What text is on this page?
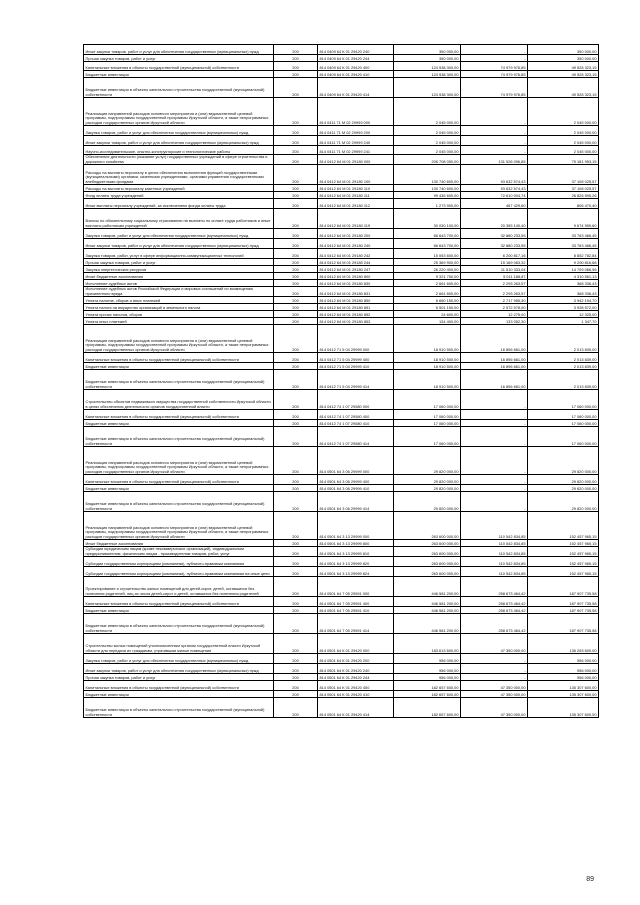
Иные закупки товаров, работ и услуг для обеспечения государственных (муниципальных) нужд	200	814 0409 64 К 01 29420 240	350 000,00	-	350 000,00
Прочая закупка товаров, работ и услуг	200	814 0409 64 К 01 29420 244	350 000,00	-	350 000,00
Капитальные вложения в объекты государственной (муниципальной) собственности	200	814 0409 64 К 01 29420 400	124 538 300,00	74 979 976,85	49 528 323,15
Бюджетные инвестиции	200	814 0409 64 К 01 29420 410	124 538 300,00	74 979 976,85	49 528 323,15
Бюджетные инвестиции в объекты капитального строительства государственной (муниципальной) собственности	200	814 0409 64 К 01 29420 414	124 538 300,00	74 979 976,85	49 528 323,15
Реализация направлений расходов основного мероприятия и (или) ведомственной целевой программы, подпрограммы государственной программы Иркутской области, а также непрограммных расходов государственных органов Иркутской области	200	814 0411 71 М 02 29999 000	2 045 000,00	-	2 045 000,00
Закупка товаров, работ и услуг для обеспечения государственных (муниципальных) нужд	200	814 0411 71 М 02 29999 200	2 045 000,00	-	2 045 000,00
Иные закупки товаров, работ и услуг для обеспечения государственных (муниципальных) нужд	200	814 0411 71 М 02 29999 240	2 045 000,00	-	2 045 000,00
Научно-исследовательские, опытно-конструкторские и технологические работы	200	814 0411 71 М 02 29999 241	2 045 000,00	-	2 045 000,00
Обеспечение деятельности (оказание услуг) государственных учреждений в сфере строительства и дорожного хозяйства	200	814 0412 64 М 01 29180 000	206 708 050,00	131 526 096,85	75 181 953,15
Расходы на выплаты персоналу в целях обеспечения выполнения функций государственными (муниципальными) органами, казенными учреждениями, органами управления государственными внебюджетными фондами	200	814 0412 64 М 01 29180 100	130 740 600,00	93 632 574,43	37 108 025,57
Расходы на выплаты персоналу казенных учреждений	200	814 0412 64 М 01 29180 110	130 740 600,00	93 632 574,43	37 108 025,57
Фонд оплаты труда учреждений	200	814 0412 64 М 01 29180 111	99 436 600,00	72 610 004,74	26 826 595,26
Иные выплаты персоналу учреждений, за исключением фонда оплаты труда	200	814 0412 64 М 01 29180 112	1 273 900,00	467 429,60	806 470,40
Взносы по обязательному социальному страхованию на выплаты по оплате труда работников и иные выплаты работникам учреждений	200	814 0412 64 М 01 29180 119	30 030 100,00	20 355 140,40	9 674 959,60
Закупка товаров, работ и услуг для обеспечения государственных (муниципальных) нужд	200	814 0412 64 М 01 29180 200	66 643 700,00	32 880 233,55	33 763 466,45
Иные закупки товаров, работ и услуг для обеспечения государственных (муниципальных) нужд	200	814 0412 64 М 01 29180 240	66 643 700,00	32 880 233,55	33 763 466,45
Закупка товаров, работ, услуг в сфере информационно-коммуникационных технологий	200	814 0412 64 М 01 29180 242	15 053 600,00	6 200 817,16	8 852 782,84
Прочая закупка товаров, работ и услуг	200	814 0412 64 М 01 29180 244	25 369 900,00	15 169 083,32	9 200 816,68
Закупка энергетических ресурсов	200	814 0412 64 М 01 29180 247	26 220 400,00	11 510 333,04	14 709 066,96
Иные бюджетные ассигнования	200	814 0412 64 М 01 29180 800	9 321 750,00	5 011 188,87	4 310 561,13
Исполнение судебных актов	200	814 0412 64 М 01 29180 830	2 661 600,00	2 293 263,57	368 336,43
Исполнение судебных актов Российской Федерации и мировых соглашений по возмещению причиненного вреда	200	814 0412 64 М 01 29180 831	2 661 600,00	2 293 263,57	368 336,43
Уплата налогов, сборов и иных платежей	200	814 0412 64 М 01 29180 850	6 660 150,00	2 717 955,30	3 942 194,70
Уплата налога на имущество организаций и земельного налога	200	814 0412 64 М 01 29180 851	6 501 150,00	2 572 578,00	3 928 572,00
Уплата прочих налогов, сборов	200	814 0412 64 М 01 29180 852	24 600,00	12 275,00	12 325,00
Уплата иных платежей	200	814 0412 64 М 01 29180 853	134 400,00	133 052,30	1 347,70
Реализация направлений расходов основного мероприятия и (или) ведомственной целевой программы, подпрограммы государственной программы Иркутской области, а также непрограммных расходов государственных органов Иркутской области	200	814 0412 71 5 04 29999 000	18 910 500,00	16 896 661,00	2 013 839,00
Капитальные вложения в объекты государственной (муниципальной) собственности	200	814 0412 71 5 04 29999 400	18 910 500,00	16 896 661,00	2 013 839,00
Бюджетные инвестиции	200	814 0412 71 5 04 29999 410	18 910 500,00	16 896 661,00	2 013 839,00
Бюджетные инвестиции в объекты капитального строительства государственной (муниципальной) собственности	200	814 0412 71 5 04 29999 414	18 910 500,00	16 896 661,00	2 013 839,00
Строительство объектов недвижимого имущества государственной собственности Иркутской области в целях обеспечения деятельности органов государственной власти	200	814 0412 74 1 07 29580 000	17 060 000,00	-	17 060 000,00
Капитальные вложения в объекты государственной (муниципальной) собственности	200	814 0412 74 1 07 29580 400	17 060 000,00	-	17 060 000,00
Бюджетные инвестиции	200	814 0412 74 1 07 29580 410	17 060 000,00	-	17 060 000,00
Бюджетные инвестиции в объекты капитального строительства государственной (муниципальной) собственности	200	814 0412 74 1 07 29580 414	17 060 000,00	-	17 060 000,00
Реализация направлений расходов основного мероприятия и (или) ведомственной целевой программы, подпрограммы государственной программы Иркутской области, а также непрограммных расходов государственных органов Иркутской области	200	814 0501 64 3 06 29999 000	29 820 000,00	-	29 820 000,00
Капитальные вложения в объекты государственной (муниципальной) собственности	200	814 0501 64 3 06 29999 400	29 820 000,00	-	29 820 000,00
Бюджетные инвестиции	200	814 0501 64 3 06 29999 410	29 820 000,00	-	29 820 000,00
Бюджетные инвестиции в объекты капитального строительства государственной (муниципальной) собственности	200	814 0501 64 3 06 29999 414	29 820 000,00	-	29 820 000,00
Реализация направлений расходов основного мероприятия и (или) ведомственной целевой программы, подпрограммы государственной программы Иркутской области, а также непрограммных расходов государственных органов Иркутской области	200	814 0501 64 3 13 29999 000	263 600 000,00	110 542 834,85	152 457 965,15
Иные бюджетные ассигнования	200	814 0501 64 3 13 29999 800	263 600 000,00	110 542 834,85	152 457 965,15
Субсидии юридическим лицам (кроме некоммерческих организаций), индивидуальным предпринимателям, физическим лицам - производителям товаров, работ, услуг	200	814 0501 64 3 13 29999 810	263 600 000,00	110 542 834,85	152 457 965,15
Субсидии государственным корпорациям (компаниям), публично-правовым компаниям	200	814 0501 64 3 13 29999 820	263 600 000,00	110 542 834,85	152 457 965,15
Субсидии государственным корпорациям (компаниям), публично-правовым компаниям на иные цели	200	814 0501 64 3 13 29999 824	263 600 000,00	110 542 834,85	152 457 965,15
Проектирование и строительство жилых помещений для детей-сирот, детей, оставшихся без попечения родителей, лиц из числа детей-сирот и детей, оставшихся без попечения родителей	200	814 0501 64 7 05 29591 000	446 581 200,00	258 673 464,42	187 907 735,58
Капитальные вложения в объекты государственной (муниципальной) собственности	200	814 0501 64 7 05 29591 400	446 581 200,00	258 673 464,42	187 907 735,58
Бюджетные инвестиции	200	814 0501 64 7 05 29591 410	446 581 200,00	258 673 464,42	187 907 735,58
Бюджетные инвестиции в объекты капитального строительства государственной (муниципальной) собственности	200	814 0501 64 7 05 29591 414	446 581 200,00	258 673 464,42	187 907 735,58
Строительство жилых помещений уполномоченным органом государственной власти Иркутской области для передачи их гражданам, утратившим жилые помещения	200	814 0501 64 К 01 29420 000	183 613 600,00	47 350 000,00	136 263 600,00
Закупка товаров, работ и услуг для обеспечения государственных (муниципальных) нужд	200	814 0501 64 К 01 29420 200	956 000,00	-	956 000,00
Иные закупки товаров, работ и услуг для обеспечения государственных (муниципальных) нужд	200	814 0501 64 К 01 29420 240	956 000,00	-	956 000,00
Прочая закупка товаров, работ и услуг	200	814 0501 64 К 01 29420 244	956 000,00	-	956 000,00
Капитальные вложения в объекты государственной (муниципальной) собственности	200	814 0501 64 К 01 29420 400	182 657 600,00	47 350 000,00	135 307 600,00
Бюджетные инвестиции	200	814 0501 64 К 01 29420 410	182 657 600,00	47 350 000,00	135 307 600,00
Бюджетные инвестиции в объекты капитального строительства государственной (муниципальной) собственности	200	814 0501 64 К 01 29420 414	182 657 600,00	47 350 000,00	135 307 600,00
89
